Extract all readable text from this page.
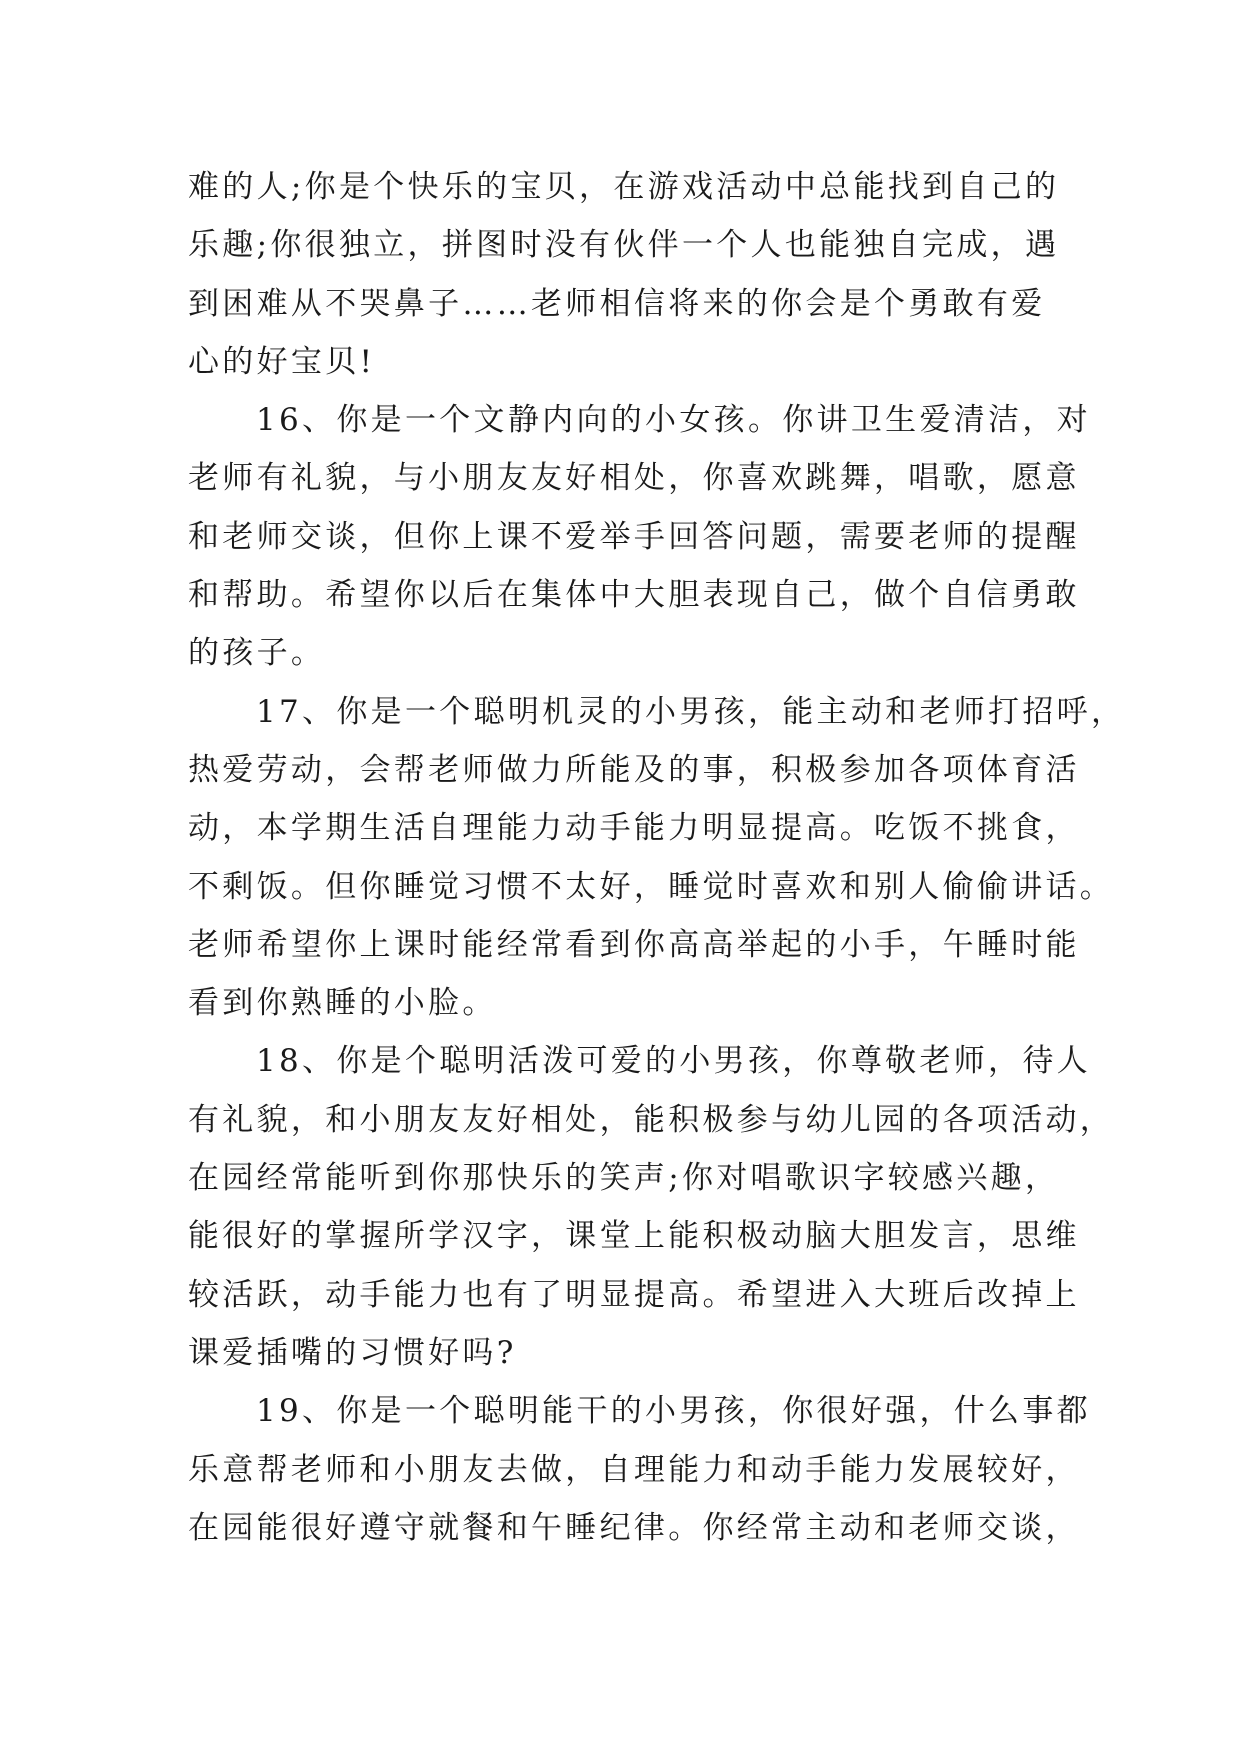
难的人;你是个快乐的宝贝，在游戏活动中总能找到自己的
乐趣;你很独立，拼图时没有伙伴一个人也能独自完成，遇
到困难从不哭鼻子……老师相信将来的你会是个勇敢有爱
心的好宝贝!
16、你是一个文静内向的小女孩。你讲卫生爱清洁，对
老师有礼貌，与小朋友友好相处，你喜欢跳舞，唱歌，愿意
和老师交谈，但你上课不爱举手回答问题，需要老师的提醒
和帮助。希望你以后在集体中大胆表现自己，做个自信勇敢
的孩子。
17、你是一个聪明机灵的小男孩，能主动和老师打招呼，
热爱劳动，会帮老师做力所能及的事，积极参加各项体育活
动，本学期生活自理能力动手能力明显提高。吃饭不挑食，
不剩饭。但你睡觉习惯不太好，睡觉时喜欢和别人偷偷讲话。
老师希望你上课时能经常看到你高高举起的小手，午睡时能
看到你熟睡的小脸。
18、你是个聪明活泼可爱的小男孩，你尊敬老师，待人
有礼貌，和小朋友友好相处，能积极参与幼儿园的各项活动，
在园经常能听到你那快乐的笑声;你对唱歌识字较感兴趣，
能很好的掌握所学汉字，课堂上能积极动脑大胆发言，思维
较活跃，动手能力也有了明显提高。希望进入大班后改掉上
课爱插嘴的习惯好吗?
19、你是一个聪明能干的小男孩，你很好强，什么事都
乐意帮老师和小朋友去做，自理能力和动手能力发展较好，
在园能很好遵守就餐和午睡纪律。你经常主动和老师交谈，
